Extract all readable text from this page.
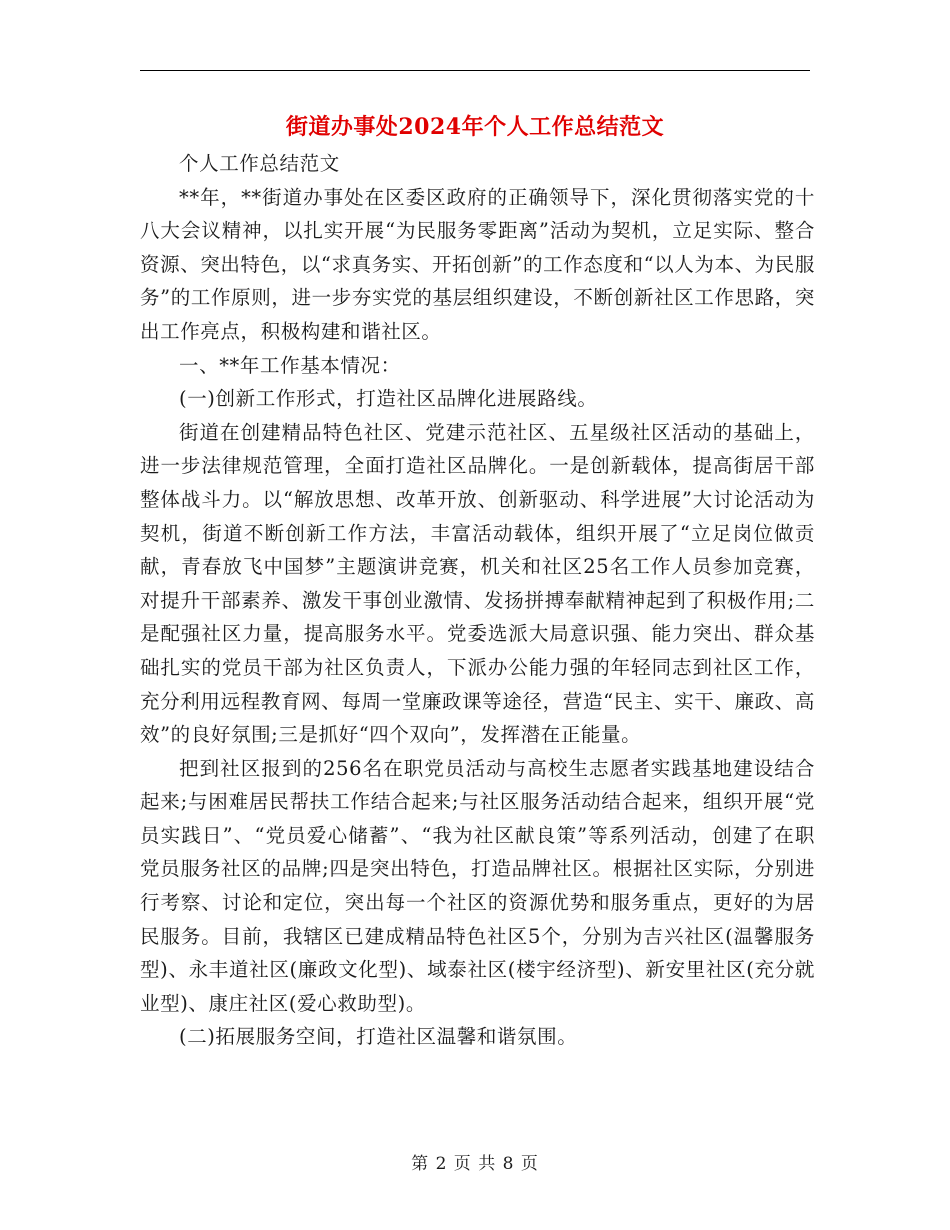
街道办事处2024年个人工作总结范文

个人工作总结范文

**年，**街道办事处在区委区政府的正确领导下，深化贯彻落实党的十八大会议精神，以扎实开展“为民服务零距离”活动为契机，立足实际、整合资源、突出特色，以“求真务实、开拓创新”的工作态度和“以人为本、为民服务”的工作原则，进一步夯实党的基层组织建设，不断创新社区工作思路，突出工作亮点，积极构建和谐社区。

一、**年工作基本情况：

(一)创新工作形式，打造社区品牌化进展路线。

街道在创建精品特色社区、党建示范社区、五星级社区活动的基础上，进一步法律规范管理，全面打造社区品牌化。一是创新载体，提高街居干部整体战斗力。以“解放思想、改革开放、创新驱动、科学进展”大讨论活动为契机，街道不断创新工作方法，丰富活动载体，组织开展了“立足岗位做贡献，青春放飞中国梦”主题演讲竞赛，机关和社区25名工作人员参加竞赛，对提升干部素养、激发干事创业激情、发扬拼搏奉献精神起到了积极作用;二是配强社区力量，提高服务水平。党委选派大局意识强、能力突出、群众基础扎实的党员干部为社区负责人，下派办公能力强的年轻同志到社区工作，充分利用远程教育网、每周一堂廉政课等途径，营造“民主、实干、廉政、高效”的良好氛围;三是抓好“四个双向”，发挥潜在正能量。

把到社区报到的256名在职党员活动与高校生志愿者实践基地建设结合起来;与困难居民帮扶工作结合起来;与社区服务活动结合起来，组织开展“党员实践日”、“党员爱心储蓄”、“我为社区献良策”等系列活动，创建了在职党员服务社区的品牌;四是突出特色，打造品牌社区。根据社区实际，分别进行考察、讨论和定位，突出每一个社区的资源优势和服务重点，更好的为居民服务。目前，我辖区已建成精品特色社区5个，分别为吉兴社区(温馨服务型)、永丰道社区(廉政文化型)、域泰社区(楼宇经济型)、新安里社区(充分就业型)、康庄社区(爱心救助型)。

(二)拓展服务空间，打造社区温馨和谐氛围。

第 2 页 共 8 页
